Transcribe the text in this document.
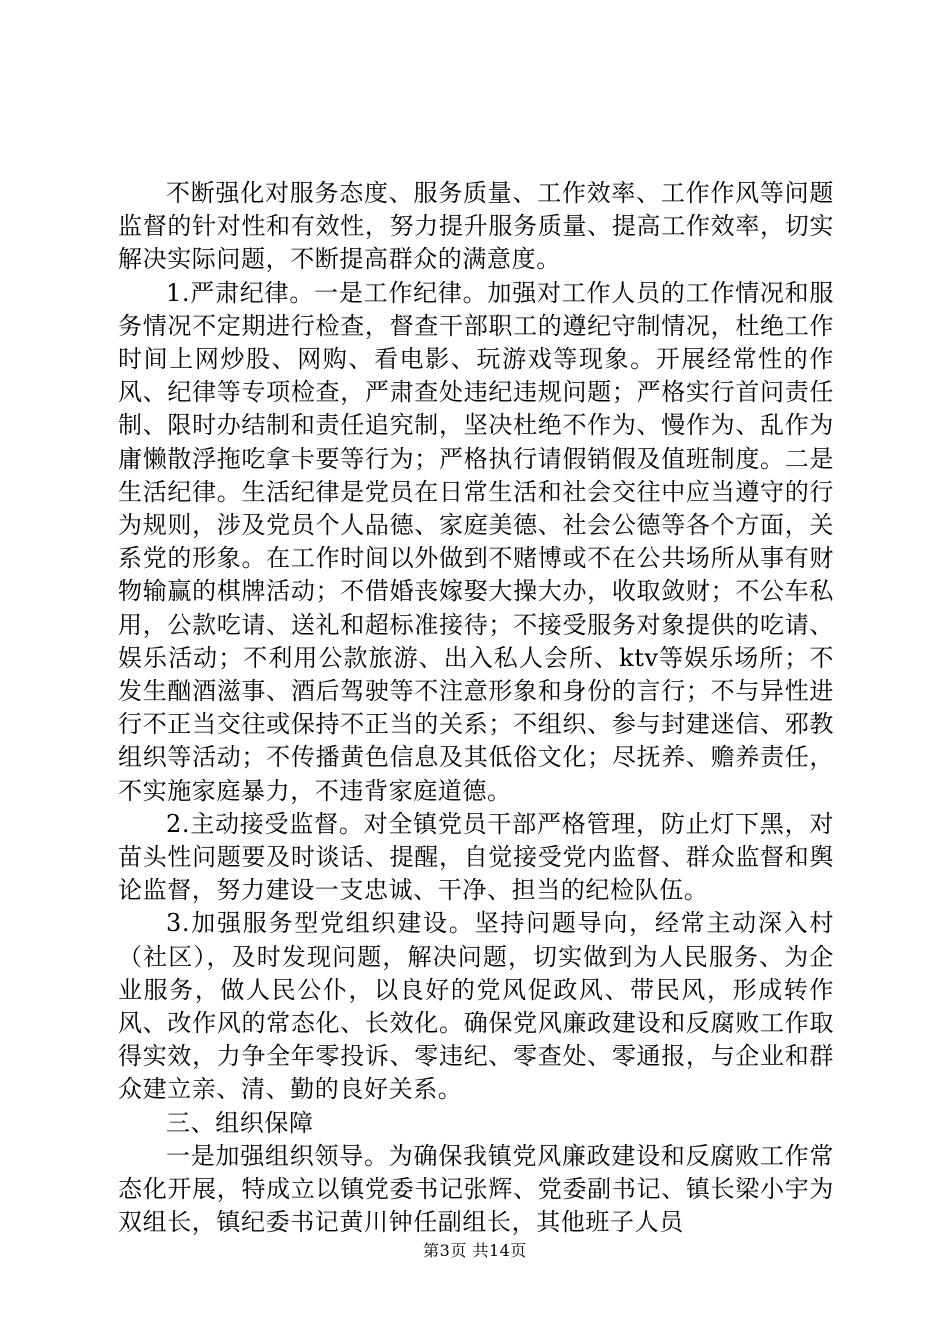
不断强化对服务态度、服务质量、工作效率、工作作风等问题监督的针对性和有效性，努力提升服务质量、提高工作效率，切实解决实际问题，不断提高群众的满意度。

1.严肃纪律。一是工作纪律。加强对工作人员的工作情况和服务情况不定期进行检查，督查干部职工的遵纪守制情况，杜绝工作时间上网炒股、网购、看电影、玩游戏等现象。开展经常性的作风、纪律等专项检查，严肃查处违纪违规问题；严格实行首问责任制、限时办结制和责任追究制，坚决杜绝不作为、慢作为、乱作为庸懒散浮拖吃拿卡要等行为；严格执行请假销假及值班制度。二是生活纪律。生活纪律是党员在日常生活和社会交往中应当遵守的行为规则，涉及党员个人品德、家庭美德、社会公德等各个方面，关系党的形象。在工作时间以外做到不赌博或不在公共场所从事有财物输赢的棋牌活动；不借婚丧嫁娶大操大办，收取敛财；不公车私用，公款吃请、送礼和超标准接待；不接受服务对象提供的吃请、娱乐活动；不利用公款旅游、出入私人会所、ktv等娱乐场所；不发生酗酒滋事、酒后驾驶等不注意形象和身份的言行；不与异性进行不正当交往或保持不正当的关系；不组织、参与封建迷信、邪教组织等活动；不传播黄色信息及其低俗文化；尽抚养、赡养责任，不实施家庭暴力，不违背家庭道德。

2.主动接受监督。对全镇党员干部严格管理，防止灯下黑，对苗头性问题要及时谈话、提醒，自觉接受党内监督、群众监督和舆论监督，努力建设一支忠诚、干净、担当的纪检队伍。

3.加强服务型党组织建设。坚持问题导向，经常主动深入村（社区），及时发现问题，解决问题，切实做到为人民服务、为企业服务，做人民公仆，以良好的党风促政风、带民风，形成转作风、改作风的常态化、长效化。确保党风廉政建设和反腐败工作取得实效，力争全年零投诉、零违纪、零查处、零通报，与企业和群众建立亲、清、勤的良好关系。

三、组织保障

一是加强组织领导。为确保我镇党风廉政建设和反腐败工作常态化开展，特成立以镇党委书记张辉、党委副书记、镇长梁小宇为双组长，镇纪委书记黄川钟任副组长，其他班子人员

第3页 共14页
